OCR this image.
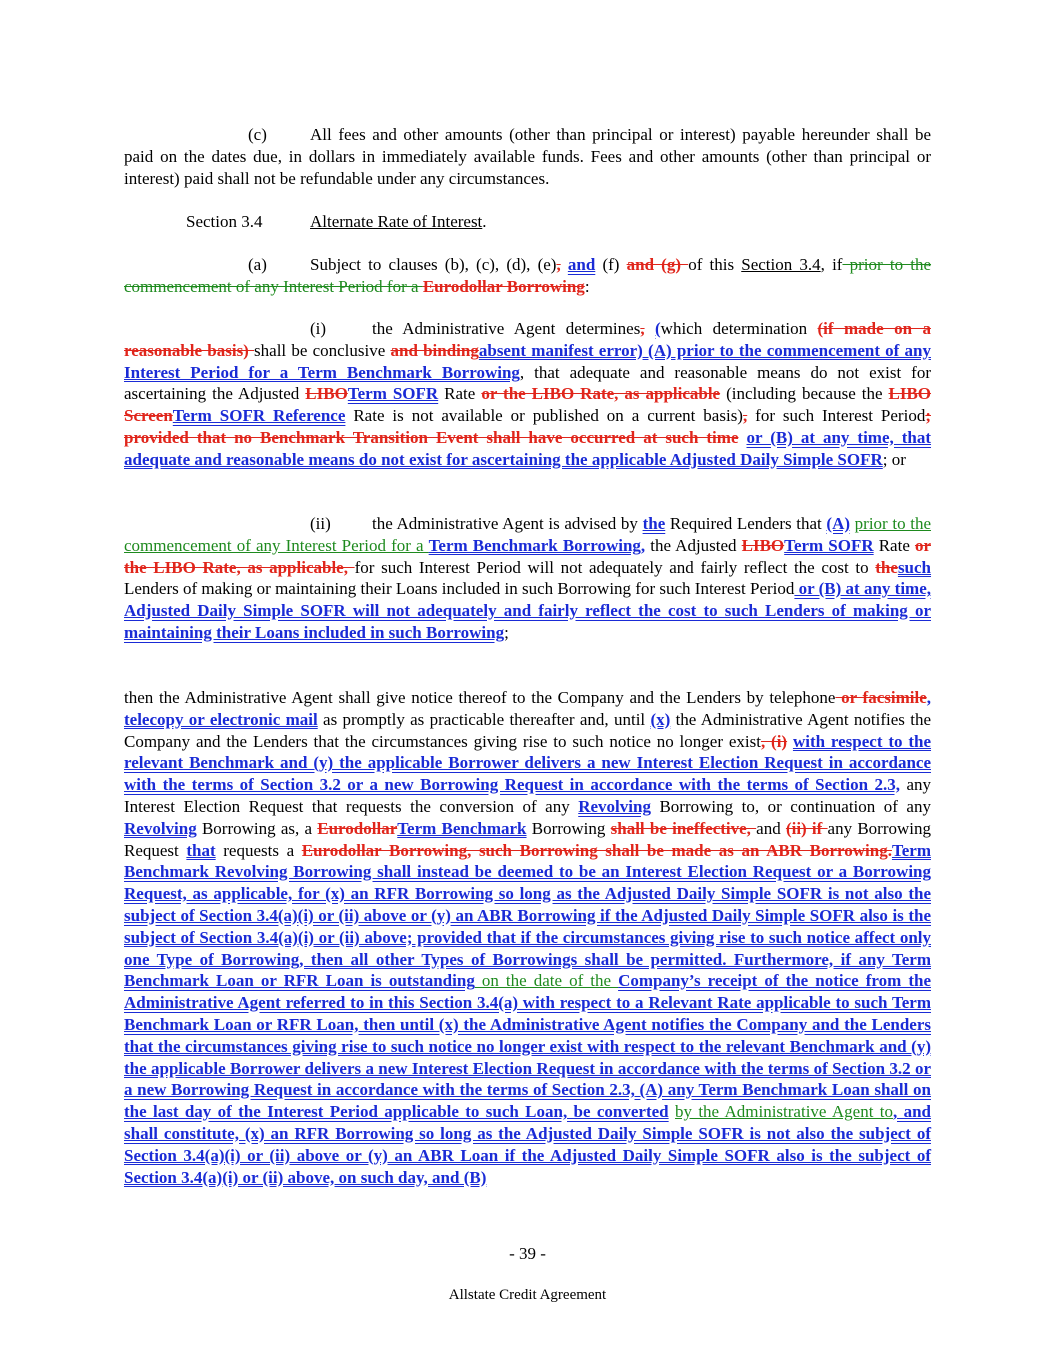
(c)	All fees and other amounts (other than principal or interest) payable hereunder shall be paid on the dates due, in dollars in immediately available funds. Fees and other amounts (other than principal or interest) paid shall not be refundable under any circumstances.

Section 3.4	Alternate Rate of Interest.

(a)	Subject to clauses (b), (c), (d), (e), and (f) and (g) of this Section 3.4, if prior to the commencement of any Interest Period for a Eurodollar Borrowing:

(i)	the Administrative Agent determines, (which determination (if made on a reasonable basis) shall be conclusive and bindingabsent manifest error) (A) prior to the commencement of any Interest Period for a Term Benchmark Borrowing, that adequate and reasonable means do not exist for ascertaining the Adjusted LIBOTerm SOFR Rate or the LIBO Rate, as applicable (including because the LIBO ScreenTerm SOFR Reference Rate is not available or published on a current basis), for such Interest Period; provided that no Benchmark Transition Event shall have occurred at such time or (B) at any time, that adequate and reasonable means do not exist for ascertaining the applicable Adjusted Daily Simple SOFR; or

(ii) the Administrative Agent is advised by the Required Lenders that (A) prior to the commencement of any Interest Period for a Term Benchmark Borrowing, the Adjusted LIBOTerm SOFR Rate or the LIBO Rate, as applicable, for such Interest Period will not adequately and fairly reflect the cost to thesuch Lenders of making or maintaining their Loans included in such Borrowing for such Interest Period or (B) at any time, Adjusted Daily Simple SOFR will not adequately and fairly reflect the cost to such Lenders of making or maintaining their Loans included in such Borrowing;

then the Administrative Agent shall give notice thereof to the Company and the Lenders by telephone or facsimile, telecopy or electronic mail as promptly as practicable thereafter and, until (x) the Administrative Agent notifies the Company and the Lenders that the circumstances giving rise to such notice no longer exist, (i) with respect to the relevant Benchmark and (y) the applicable Borrower delivers a new Interest Election Request in accordance with the terms of Section 3.2 or a new Borrowing Request in accordance with the terms of Section 2.3, any Interest Election Request that requests the conversion of any Revolving Borrowing to, or continuation of any Revolving Borrowing as, a EurodollarTerm Benchmark Borrowing shall be ineffective, and (ii) if any Borrowing Request that requests a Eurodollar Borrowing, such Borrowing shall be made as an ABR Borrowing.Term Benchmark Revolving Borrowing shall instead be deemed to be an Interest Election Request or a Borrowing Request, as applicable, for (x) an RFR Borrowing so long as the Adjusted Daily Simple SOFR is not also the subject of Section 3.4(a)(i) or (ii) above or (y) an ABR Borrowing if the Adjusted Daily Simple SOFR also is the subject of Section 3.4(a)(i) or (ii) above; provided that if the circumstances giving rise to such notice affect only one Type of Borrowing, then all other Types of Borrowings shall be permitted. Furthermore, if any Term Benchmark Loan or RFR Loan is outstanding on the date of the Company’s receipt of the notice from the Administrative Agent referred to in this Section 3.4(a) with respect to a Relevant Rate applicable to such Term Benchmark Loan or RFR Loan, then until (x) the Administrative Agent notifies the Company and the Lenders that the circumstances giving rise to such notice no longer exist with respect to the relevant Benchmark and (y) the applicable Borrower delivers a new Interest Election Request in accordance with the terms of Section 3.2 or a new Borrowing Request in accordance with the terms of Section 2.3, (A) any Term Benchmark Loan shall on the last day of the Interest Period applicable to such Loan, be converted by the Administrative Agent to, and shall constitute, (x) an RFR Borrowing so long as the Adjusted Daily Simple SOFR is not also the subject of Section 3.4(a)(i) or (ii) above or (y) an ABR Loan if the Adjusted Daily Simple SOFR also is the subject of Section 3.4(a)(i) or (ii) above, on such day, and (B)

- 39 -
Allstate Credit Agreement
